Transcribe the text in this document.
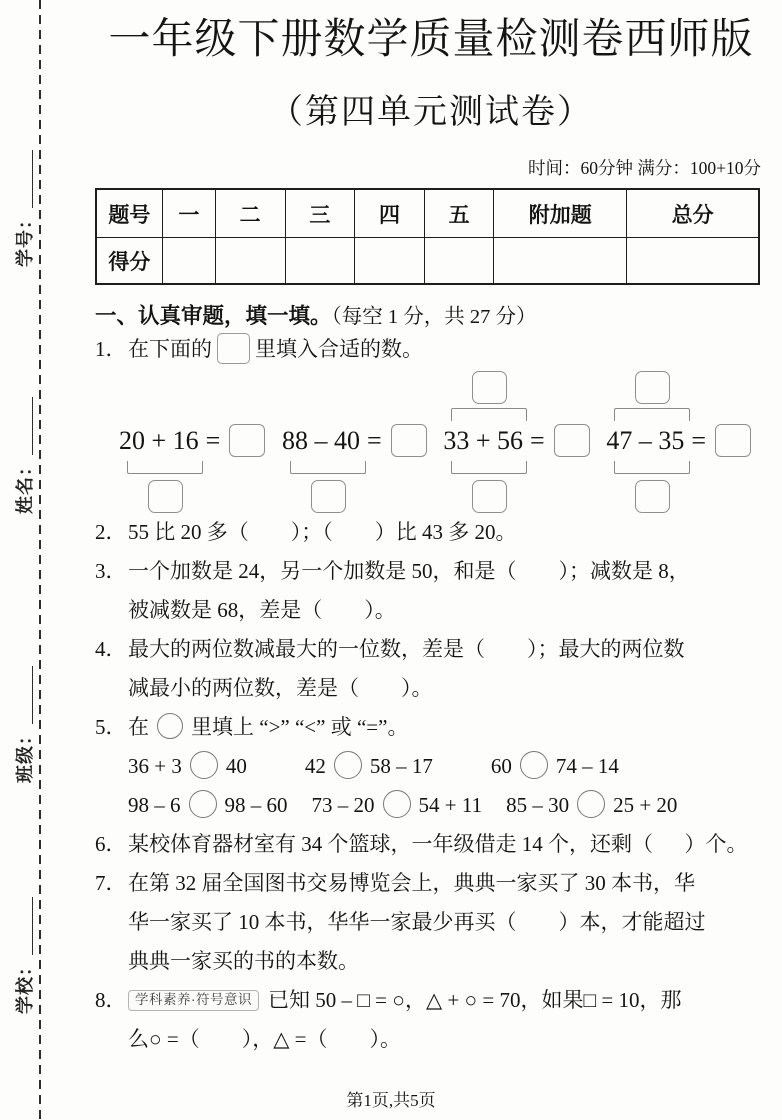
学号：
姓名：
班级：
学校：
一年级下册数学质量检测卷西师版
（第四单元测试卷）
时间：60分钟 满分：100+10分
题号	一	二	三	四	五	附加题	总分
得分							
一、认真审题，填一填。（每空 1 分，共 27 分）
1．在下面的 里填入合适的数。
20 + 16 = 88 – 40 = 33 + 56 = 47 – 35 =
2．55 比 20 多（        ）；（        ）比 43 多 20。
3．一个加数是 24，另一个加数是 50，和是（        ）；减数是 8，
被减数是 68，差是（        ）。
4．最大的两位数减最大的一位数，差是（        ）；最大的两位数
减最小的两位数，差是（        ）。
5．在 里填上 “>” “<” 或 “=”。
36 + 3 40	42 58 – 17	60 74 – 14
98 – 6 98 – 60 73 – 20 54 + 11 85 – 30 25 + 20
6．某校体育器材室有 34 个篮球，一年级借走 14 个，还剩（      ）个。
7．在第 32 届全国图书交易博览会上，典典一家买了 30 本书，华
华一家买了 10 本书，华华一家最少再买（        ）本，才能超过
典典一家买的书的本数。
8． 学科素养·符号意识 已知 50 – □ = ○，△ + ○ = 70，如果□ = 10，那
么○ =（        ），△ =（        ）。
第1页,共5页
